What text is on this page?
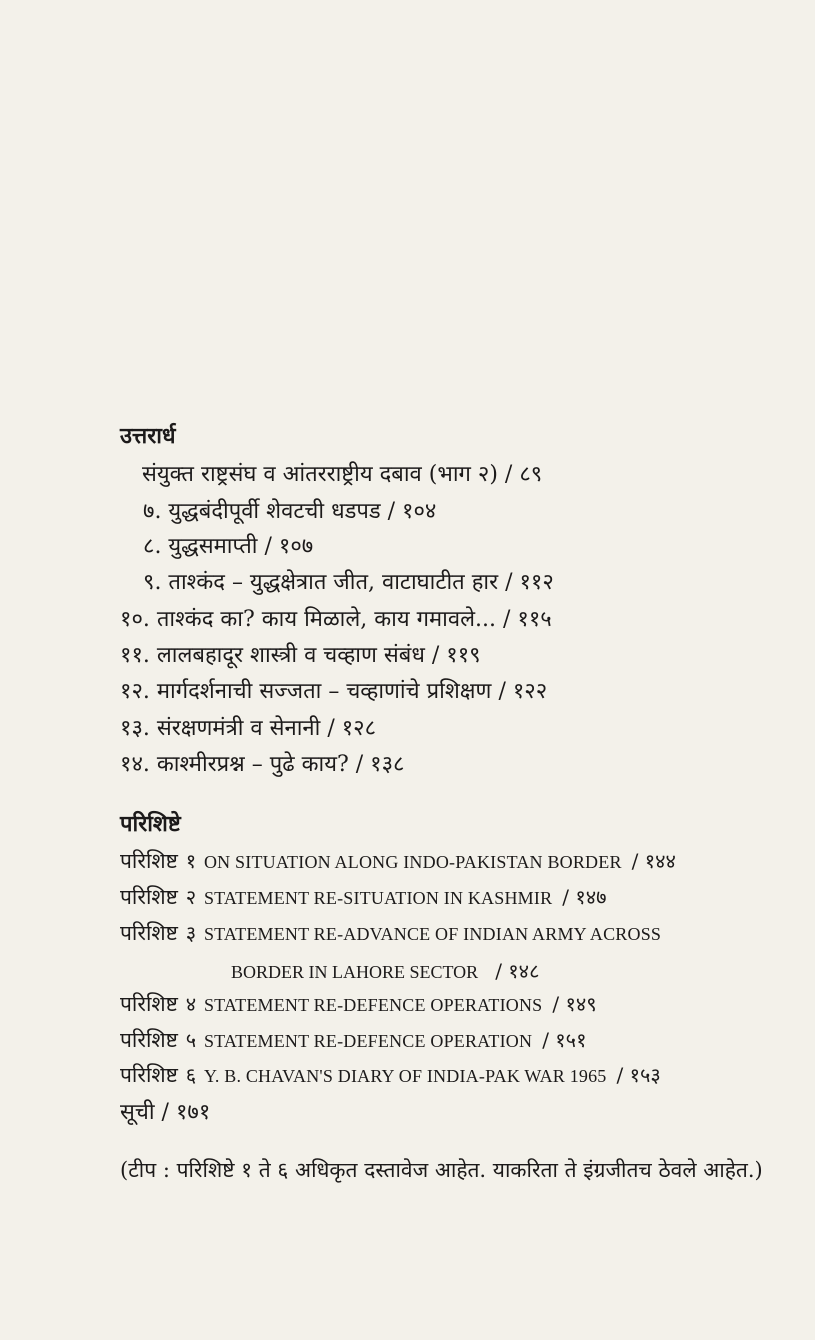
उत्तरार्ध
संयुक्त राष्ट्रसंघ व आंतरराष्ट्रीय दबाव (भाग २) / ८९
७. युद्धबंदीपूर्वी शेवटची धडपड / १०४
८. युद्धसमाप्ती / १०७
९. ताश्कंद – युद्धक्षेत्रात जीत, वाटाघाटीत हार / ११२
१०. ताश्कंद का? काय मिळाले, काय गमावले... / ११५
११. लालबहादूर शास्त्री व चव्हाण संबंध / ११९
१२. मार्गदर्शनाची सज्जता – चव्हाणांचे प्रशिक्षण / १२२
१३. संरक्षणमंत्री व सेनानी / १२८
१४. काश्मीरप्रश्न – पुढे काय? / १३८
परिशिष्टे
परिशिष्ट १ ON SITUATION ALONG INDO-PAKISTAN BORDER / १४४
परिशिष्ट २ STATEMENT RE-SITUATION IN KASHMIR / १४७
परिशिष्ट ३ STATEMENT RE-ADVANCE OF INDIAN ARMY ACROSS
BORDER IN LAHORE SECTOR / १४८
परिशिष्ट ४ STATEMENT RE-DEFENCE OPERATIONS / १४९
परिशिष्ट ५ STATEMENT RE-DEFENCE OPERATION / १५१
परिशिष्ट ६ Y. B. CHAVAN'S DIARY OF INDIA-PAK WAR 1965 / १५३
सूची / १७१
(टीप : परिशिष्टे १ ते ६ अधिकृत दस्तावेज आहेत. याकरिता ते इंग्रजीतच ठेवले आहेत.)
